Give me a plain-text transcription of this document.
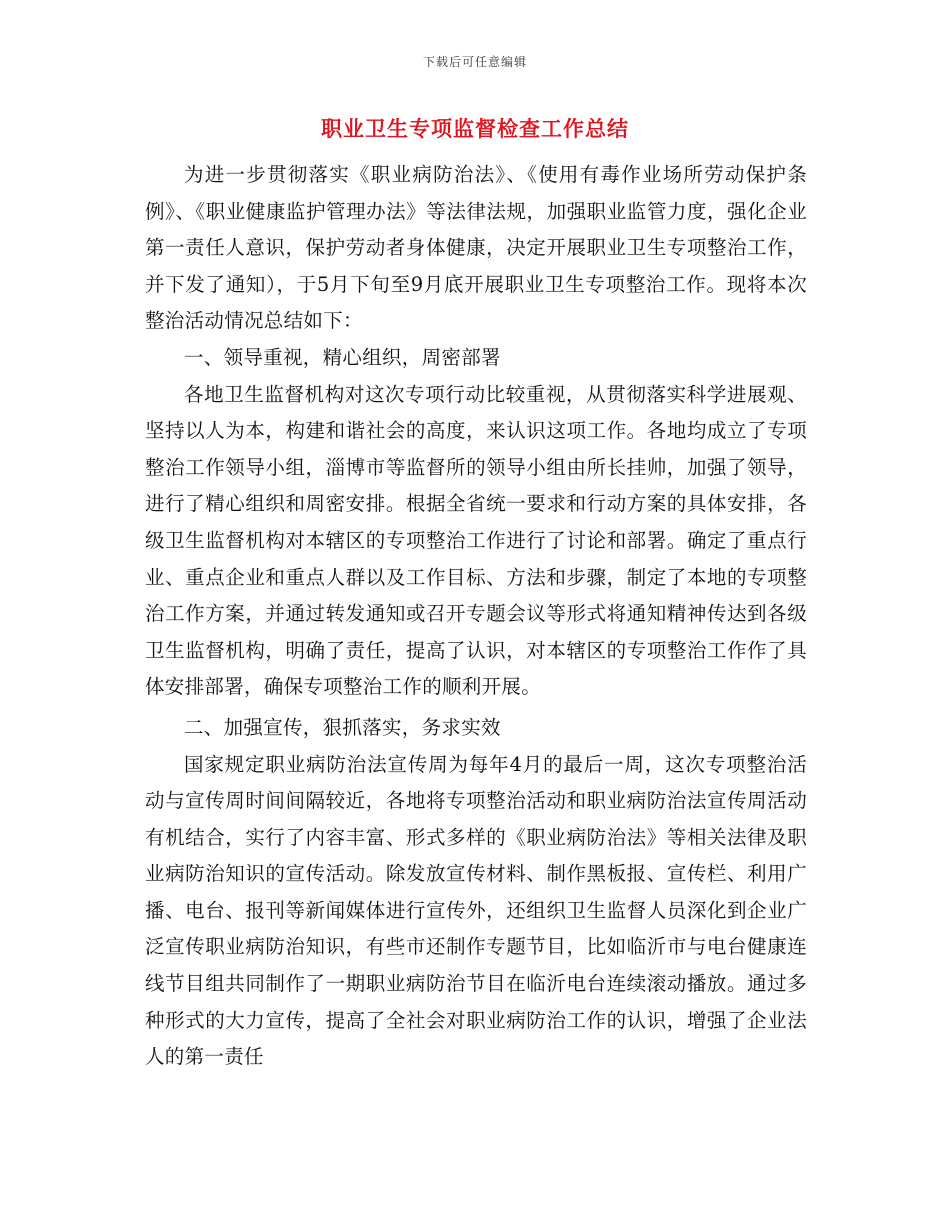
下载后可任意编辑
职业卫生专项监督检查工作总结

为进一步贯彻落实《职业病防治法》、《使用有毒作业场所劳动保护条例》、《职业健康监护管理办法》等法律法规，加强职业监管力度，强化企业第一责任人意识，保护劳动者身体健康，决定开展职业卫生专项整治工作，并下发了通知），于5月下旬至9月底开展职业卫生专项整治工作。现将本次整治活动情况总结如下：

一、领导重视，精心组织，周密部署

各地卫生监督机构对这次专项行动比较重视，从贯彻落实科学进展观、坚持以人为本，构建和谐社会的高度，来认识这项工作。各地均成立了专项整治工作领导小组，淄博市等监督所的领导小组由所长挂帅，加强了领导，进行了精心组织和周密安排。根据全省统一要求和行动方案的具体安排，各级卫生监督机构对本辖区的专项整治工作进行了讨论和部署。确定了重点行业、重点企业和重点人群以及工作目标、方法和步骤，制定了本地的专项整治工作方案，并通过转发通知或召开专题会议等形式将通知精神传达到各级卫生监督机构，明确了责任，提高了认识，对本辖区的专项整治工作作了具体安排部署，确保专项整治工作的顺利开展。

二、加强宣传，狠抓落实，务求实效

国家规定职业病防治法宣传周为每年4月的最后一周，这次专项整治活动与宣传周时间间隔较近，各地将专项整治活动和职业病防治法宣传周活动有机结合，实行了内容丰富、形式多样的《职业病防治法》等相关法律及职业病防治知识的宣传活动。除发放宣传材料、制作黑板报、宣传栏、利用广播、电台、报刊等新闻媒体进行宣传外，还组织卫生监督人员深化到企业广泛宣传职业病防治知识，有些市还制作专题节目，比如临沂市与电台健康连线节目组共同制作了一期职业病防治节目在临沂电台连续滚动播放。通过多种形式的大力宣传，提高了全社会对职业病防治工作的认识，增强了企业法人的第一责任
